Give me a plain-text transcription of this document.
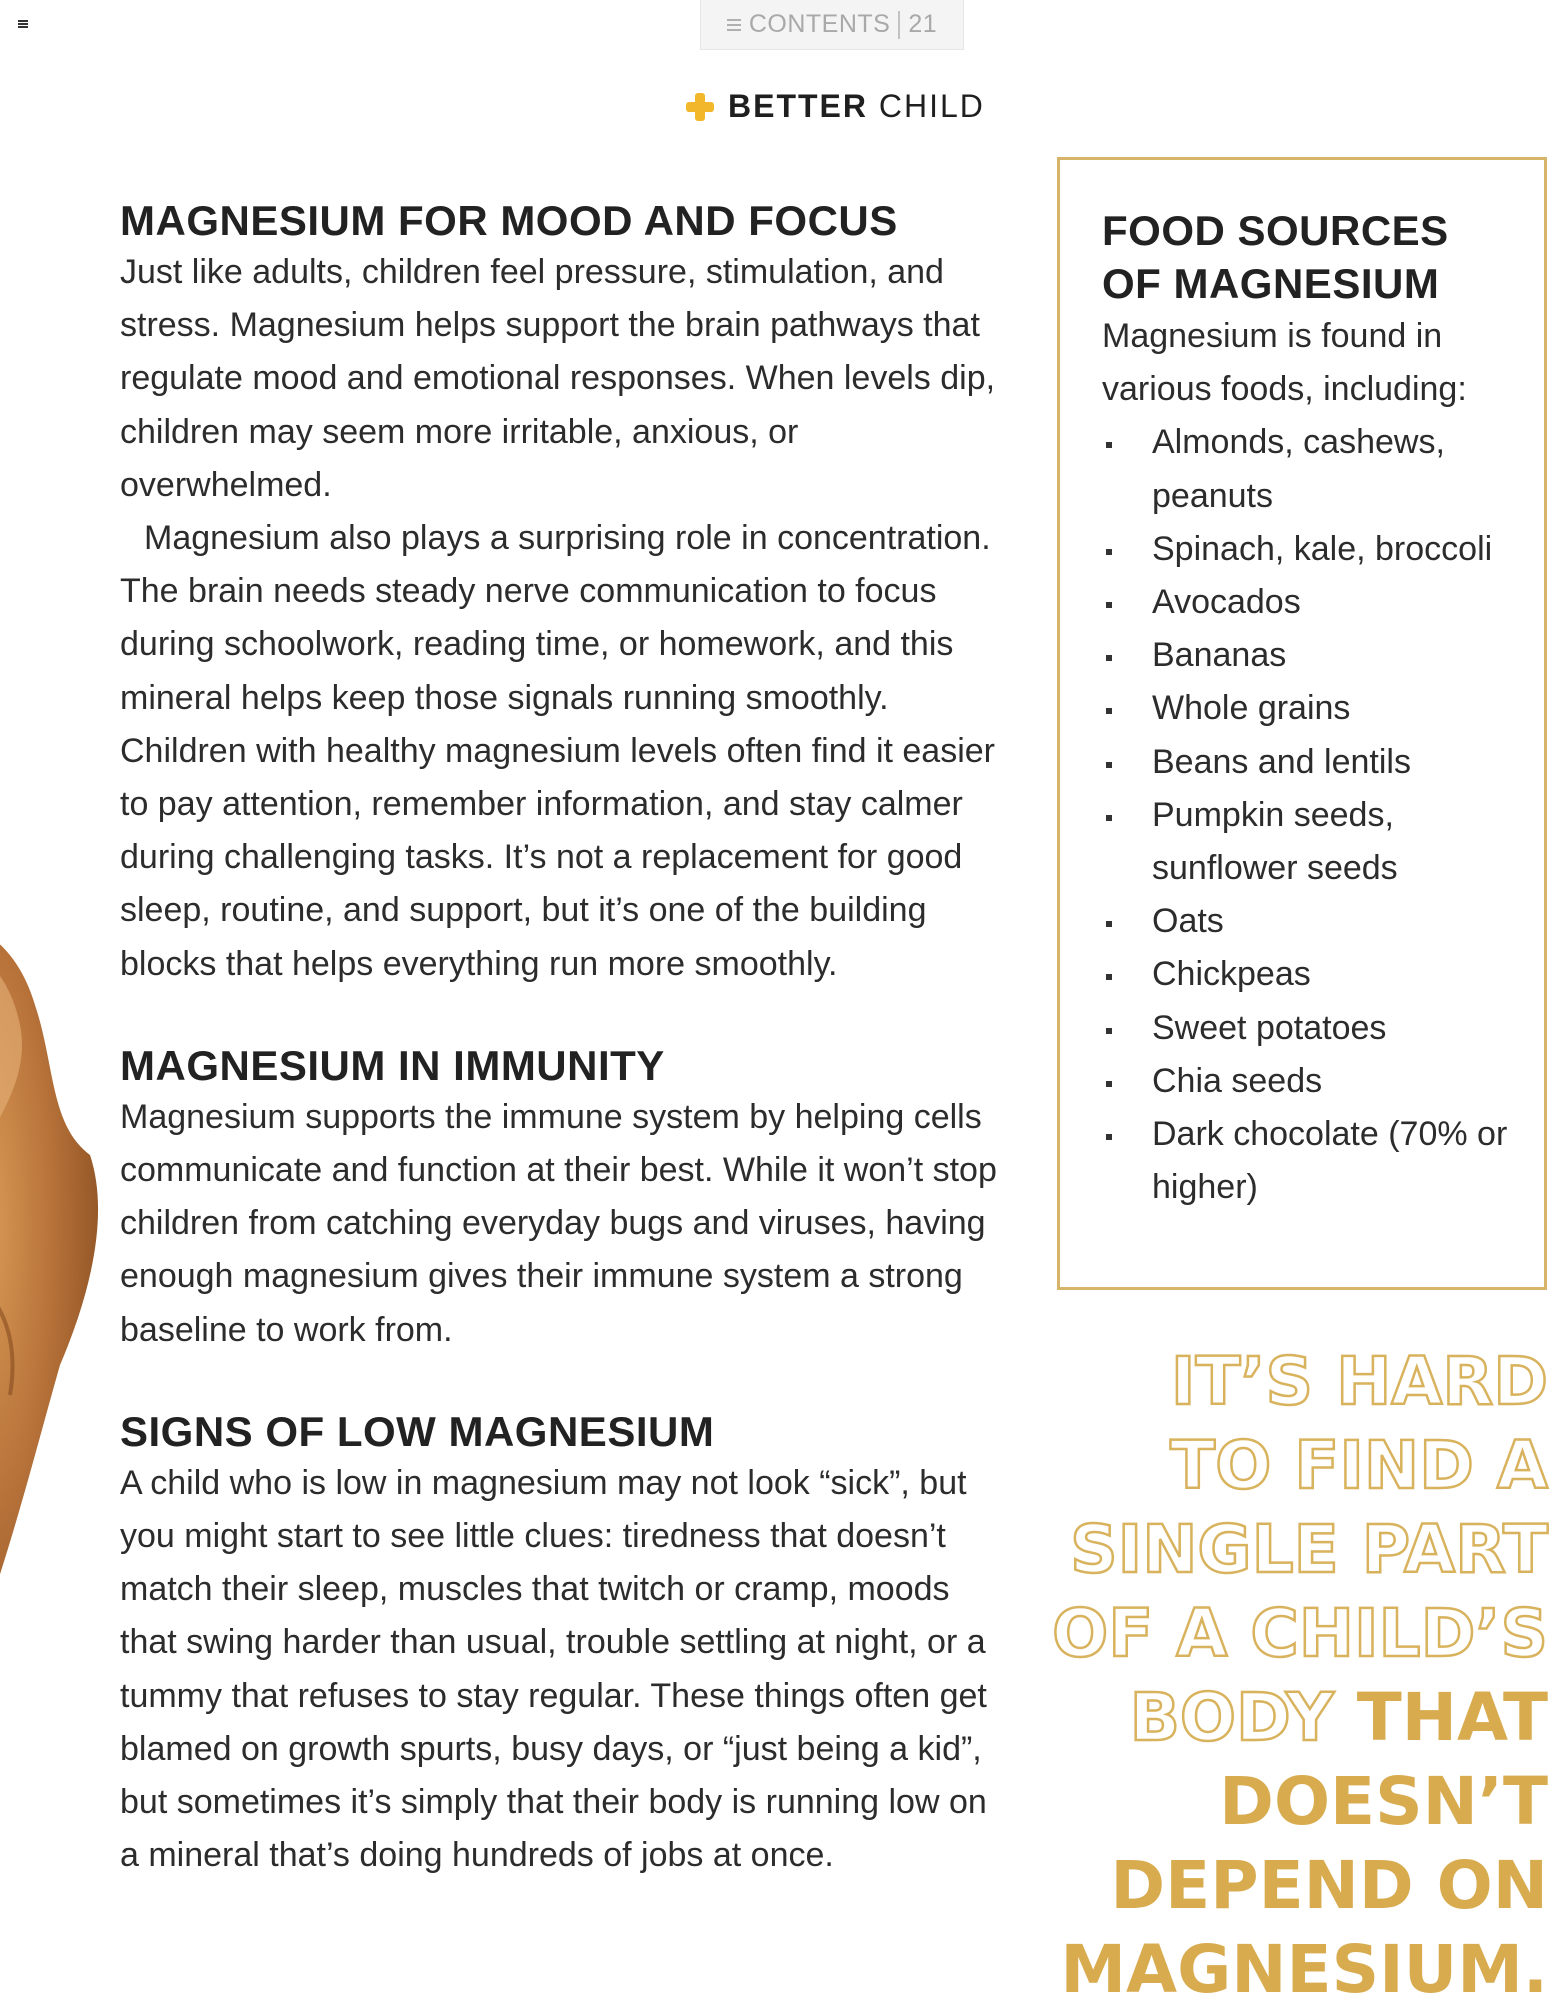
CONTENTS 21
BETTER CHILD
MAGNESIUM FOR MOOD AND FOCUS

Just like adults, children feel pressure, stimulation, and stress. Magnesium helps support the brain pathways that regulate mood and emotional responses. When levels dip, children may seem more irritable, anxious, or overwhelmed.

Magnesium also plays a surprising role in concentration. The brain needs steady nerve communication to focus during schoolwork, reading time, or homework, and this mineral helps keep those signals running smoothly. Children with healthy magnesium levels often find it easier to pay attention, remember information, and stay calmer during challenging tasks. It’s not a replacement for good sleep, routine, and support, but it’s one of the building blocks that helps everything run more smoothly.

MAGNESIUM IN IMMUNITY

Magnesium supports the immune system by helping cells communicate and function at their best. While it won’t stop children from catching everyday bugs and viruses, having enough magnesium gives their immune system a strong baseline to work from.

SIGNS OF LOW MAGNESIUM

A child who is low in magnesium may not look “sick”, but you might start to see little clues: tiredness that doesn’t match their sleep, muscles that twitch or cramp, moods that swing harder than usual, trouble settling at night, or a tummy that refuses to stay regular. These things often get blamed on growth spurts, busy days, or “just being a kid”, but sometimes it’s simply that their body is running low on a mineral that’s doing hundreds of jobs at once.

FOOD SOURCES
OF MAGNESIUM

Magnesium is found in various foods, including:

Almonds, cashews, peanuts
Spinach, kale, broccoli
Avocados
Bananas
Whole grains
Beans and lentils
Pumpkin seeds, sunflower seeds
Oats
Chickpeas
Sweet potatoes
Chia seeds
Dark chocolate (70% or higher)
IT’S HARD
TO FIND A
SINGLE PART
OF A CHILD’S
BODY THAT
DOESN’T
DEPEND ON
MAGNESIUM.
